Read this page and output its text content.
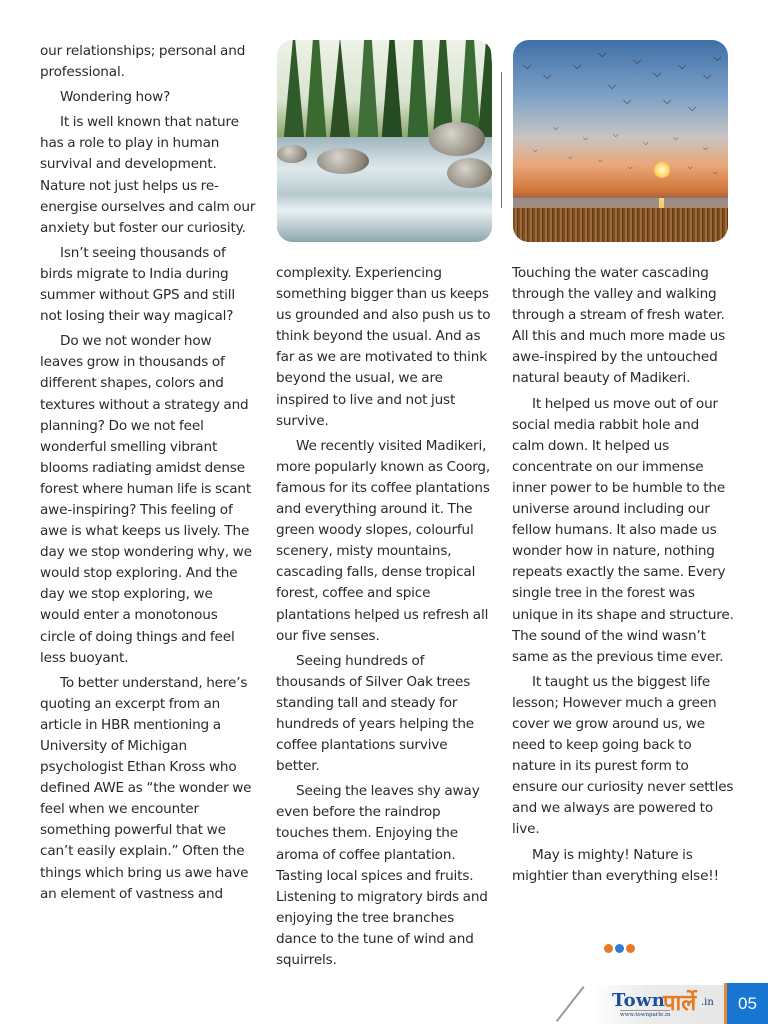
our relationships; personal and professional.

Wondering how?

It is well known that nature has a role to play in human survival and development. Nature not just helps us re-energise ourselves and calm our anxiety but foster our curiosity.

Isn’t seeing thousands of birds migrate to India during summer without GPS and still not losing their way magical?

Do we not wonder how leaves grow in thousands of different shapes, colors and textures without a strategy and planning? Do we not feel wonderful smelling vibrant blooms radiating amidst dense forest where human life is scant awe-inspiring? This feeling of awe is what keeps us lively. The day we stop wondering why, we would stop exploring. And the day we stop exploring, we would enter a monotonous circle of doing things and feel less buoyant.

To better understand, here’s quoting an excerpt from an article in HBR mentioning a University of Michigan psychologist Ethan Kross who defined AWE as “the wonder we feel when we encounter something powerful that we can’t easily explain.” Often the things which bring us awe have an element of vastness and

⌵
⌵
⌵
⌵
⌵
⌵
⌵
⌵
⌵
⌵
⌵
⌵
⌵
⌵
⌵	⌵
⌵
⌵
⌵
⌵
⌵	⌵
⌵	⌵
⌵

complexity. Experiencing something bigger than us keeps us grounded and also push us to think beyond the usual. And as far as we are motivated to think beyond the usual, we are inspired to live and not just survive.

We recently visited Madikeri, more popularly known as Coorg, famous for its coffee plantations and everything around it. The green woody slopes, colourful scenery, misty mountains, cascading falls, dense tropical forest, coffee and spice plantations helped us refresh all our five senses.

Seeing hundreds of thousands of Silver Oak trees standing tall and steady for hundreds of years helping the coffee plantations survive better.

Seeing the leaves shy away even before the raindrop touches them. Enjoying the aroma of coffee plantation. Tasting local spices and fruits. Listening to migratory birds and enjoying the tree branches dance to the tune of wind and squirrels.

Touching the water cascading through the valley and walking through a stream of fresh water. All this and much more made us awe-inspired by the untouched natural beauty of Madikeri.

It helped us move out of our social media rabbit hole and calm down. It helped us concentrate on our immense inner power to be humble to the universe around including our fellow humans. It also made us wonder how in nature, nothing repeats exactly the same. Every single tree in the forest was unique in its shape and structure. The sound of the wind wasn’t same as the previous time ever.

It taught us the biggest life lesson; However much a green cover we grow around us, we need to keep going back to nature in its purest form to ensure our curiosity never settles and we always are powered to live.

May is mighty! Nature is mightier than everything else!!

Town
पार्ले .in
www.townparle.in
05
